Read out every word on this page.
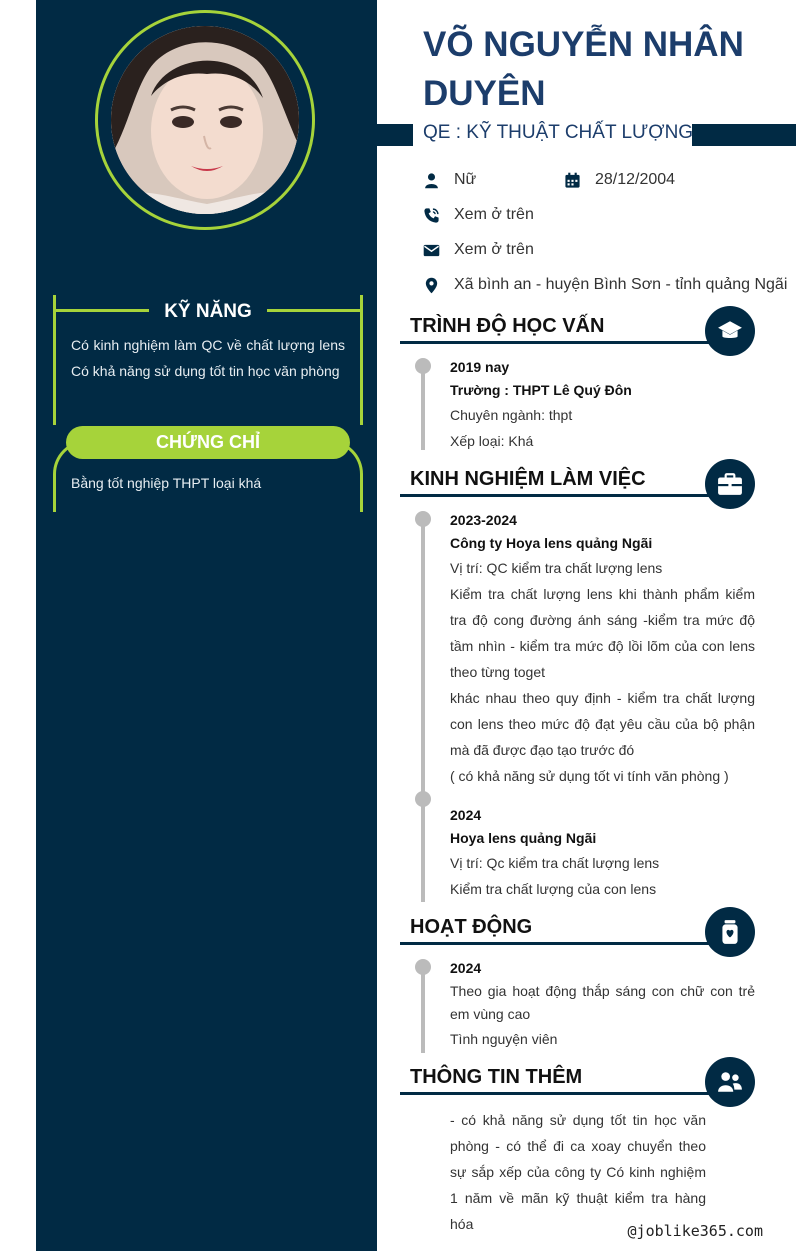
KỸ NĂNG
Có kinh nghiệm làm QC về chất lượng lens Có khả năng sử dụng tốt tin học văn phòng
CHỨNG CHỈ
Bằng tốt nghiệp THPT loại khá
VÕ NGUYỄN NHÂN DUYÊN
QE : KỸ THUẬT CHẤT LƯỢNG
Nữ	28/12/2004
Xem ở trên
Xem ở trên
Xã bình an - huyện Bình Sơn - tỉnh quảng Ngãi
TRÌNH ĐỘ HỌC VẤN
2019 nay
Trường : THPT Lê Quý Đôn
Chuyên ngành: thpt
Xếp loại: Khá
KINH NGHIỆM LÀM VIỆC
2023-2024
Công ty Hoya lens quảng Ngãi
Vị trí: QC kiểm tra chất lượng lens
Kiểm tra chất lượng lens khi thành phẩm kiểm tra độ cong đường ánh sáng -kiểm tra mức độ tầm nhìn - kiểm tra mức độ lồi lõm của con lens theo từng toget
khác nhau theo quy định - kiểm tra chất lượng con lens theo mức độ đạt yêu cầu của bộ phận mà đã được đạo tạo trước đó
( có khả năng sử dụng tốt vi tính văn phòng )
2024
Hoya lens quảng Ngãi
Vị trí: Qc kiểm tra chất lượng lens
Kiểm tra chất lượng của con lens
HOẠT ĐỘNG
2024
Theo gia hoạt động thắp sáng con chữ con trẻ em vùng cao
Tình nguyện viên
THÔNG TIN THÊM
- có khả năng sử dụng tốt tin học văn phòng - có thể đi ca xoay chuyển theo sự sắp xếp của công ty Có kinh nghiệm 1 năm về mãn kỹ thuật kiểm tra hàng hóa	@joblike365.com
